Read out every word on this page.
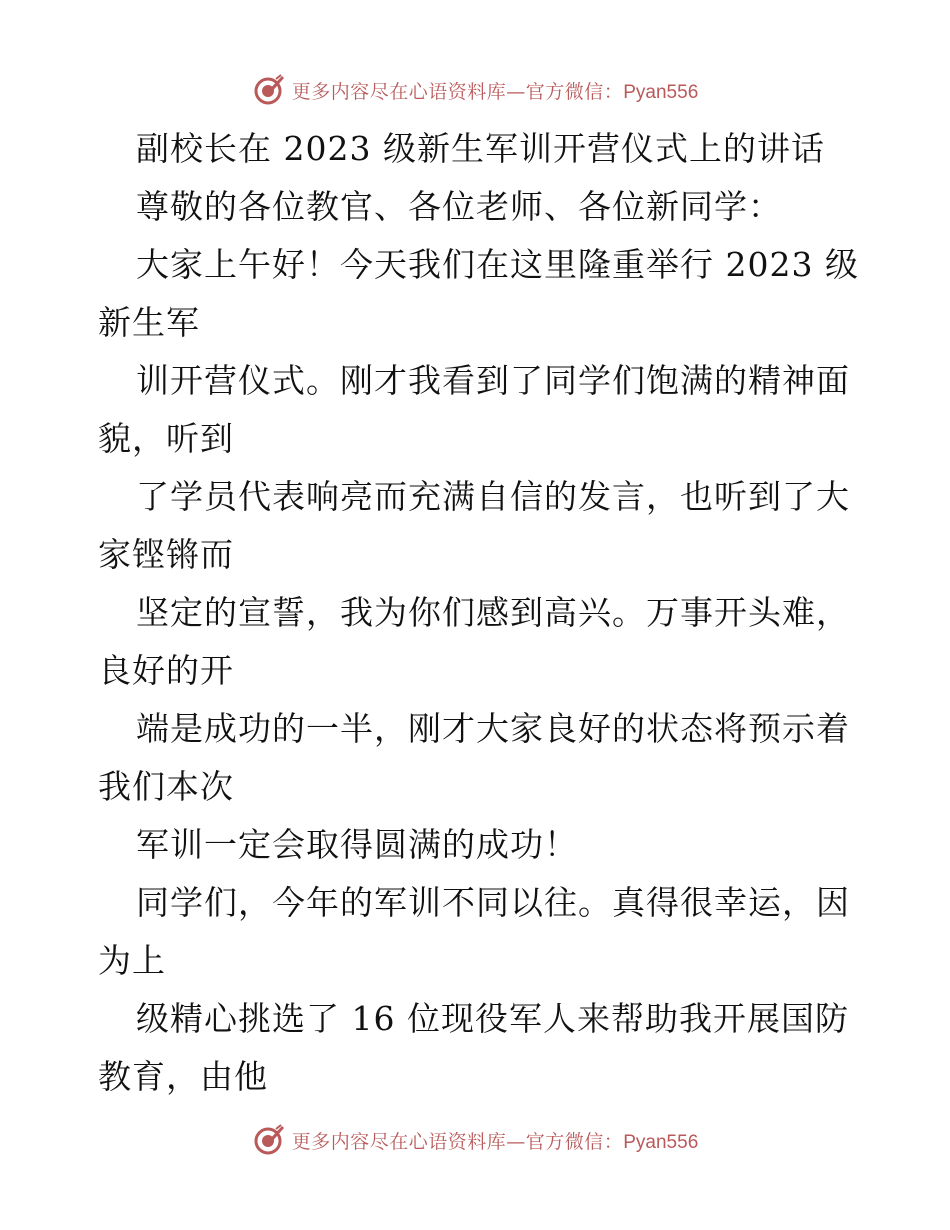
更多内容尽在心语资料库—官方微信：Pyan556
副校长在 2023 级新生军训开营仪式上的讲话
尊敬的各位教官、各位老师、各位新同学：
大家上午好！今天我们在这里隆重举行 2023 级
新生军
训开营仪式。刚才我看到了同学们饱满的精神面
貌，听到
了学员代表响亮而充满自信的发言，也听到了大
家铿锵而
坚定的宣誓，我为你们感到高兴。万事开头难，
良好的开
端是成功的一半，刚才大家良好的状态将预示着
我们本次
军训一定会取得圆满的成功！
同学们，今年的军训不同以往。真得很幸运，因
为上
级精心挑选了 16 位现役军人来帮助我开展国防
教育，由他
更多内容尽在心语资料库—官方微信：Pyan556
